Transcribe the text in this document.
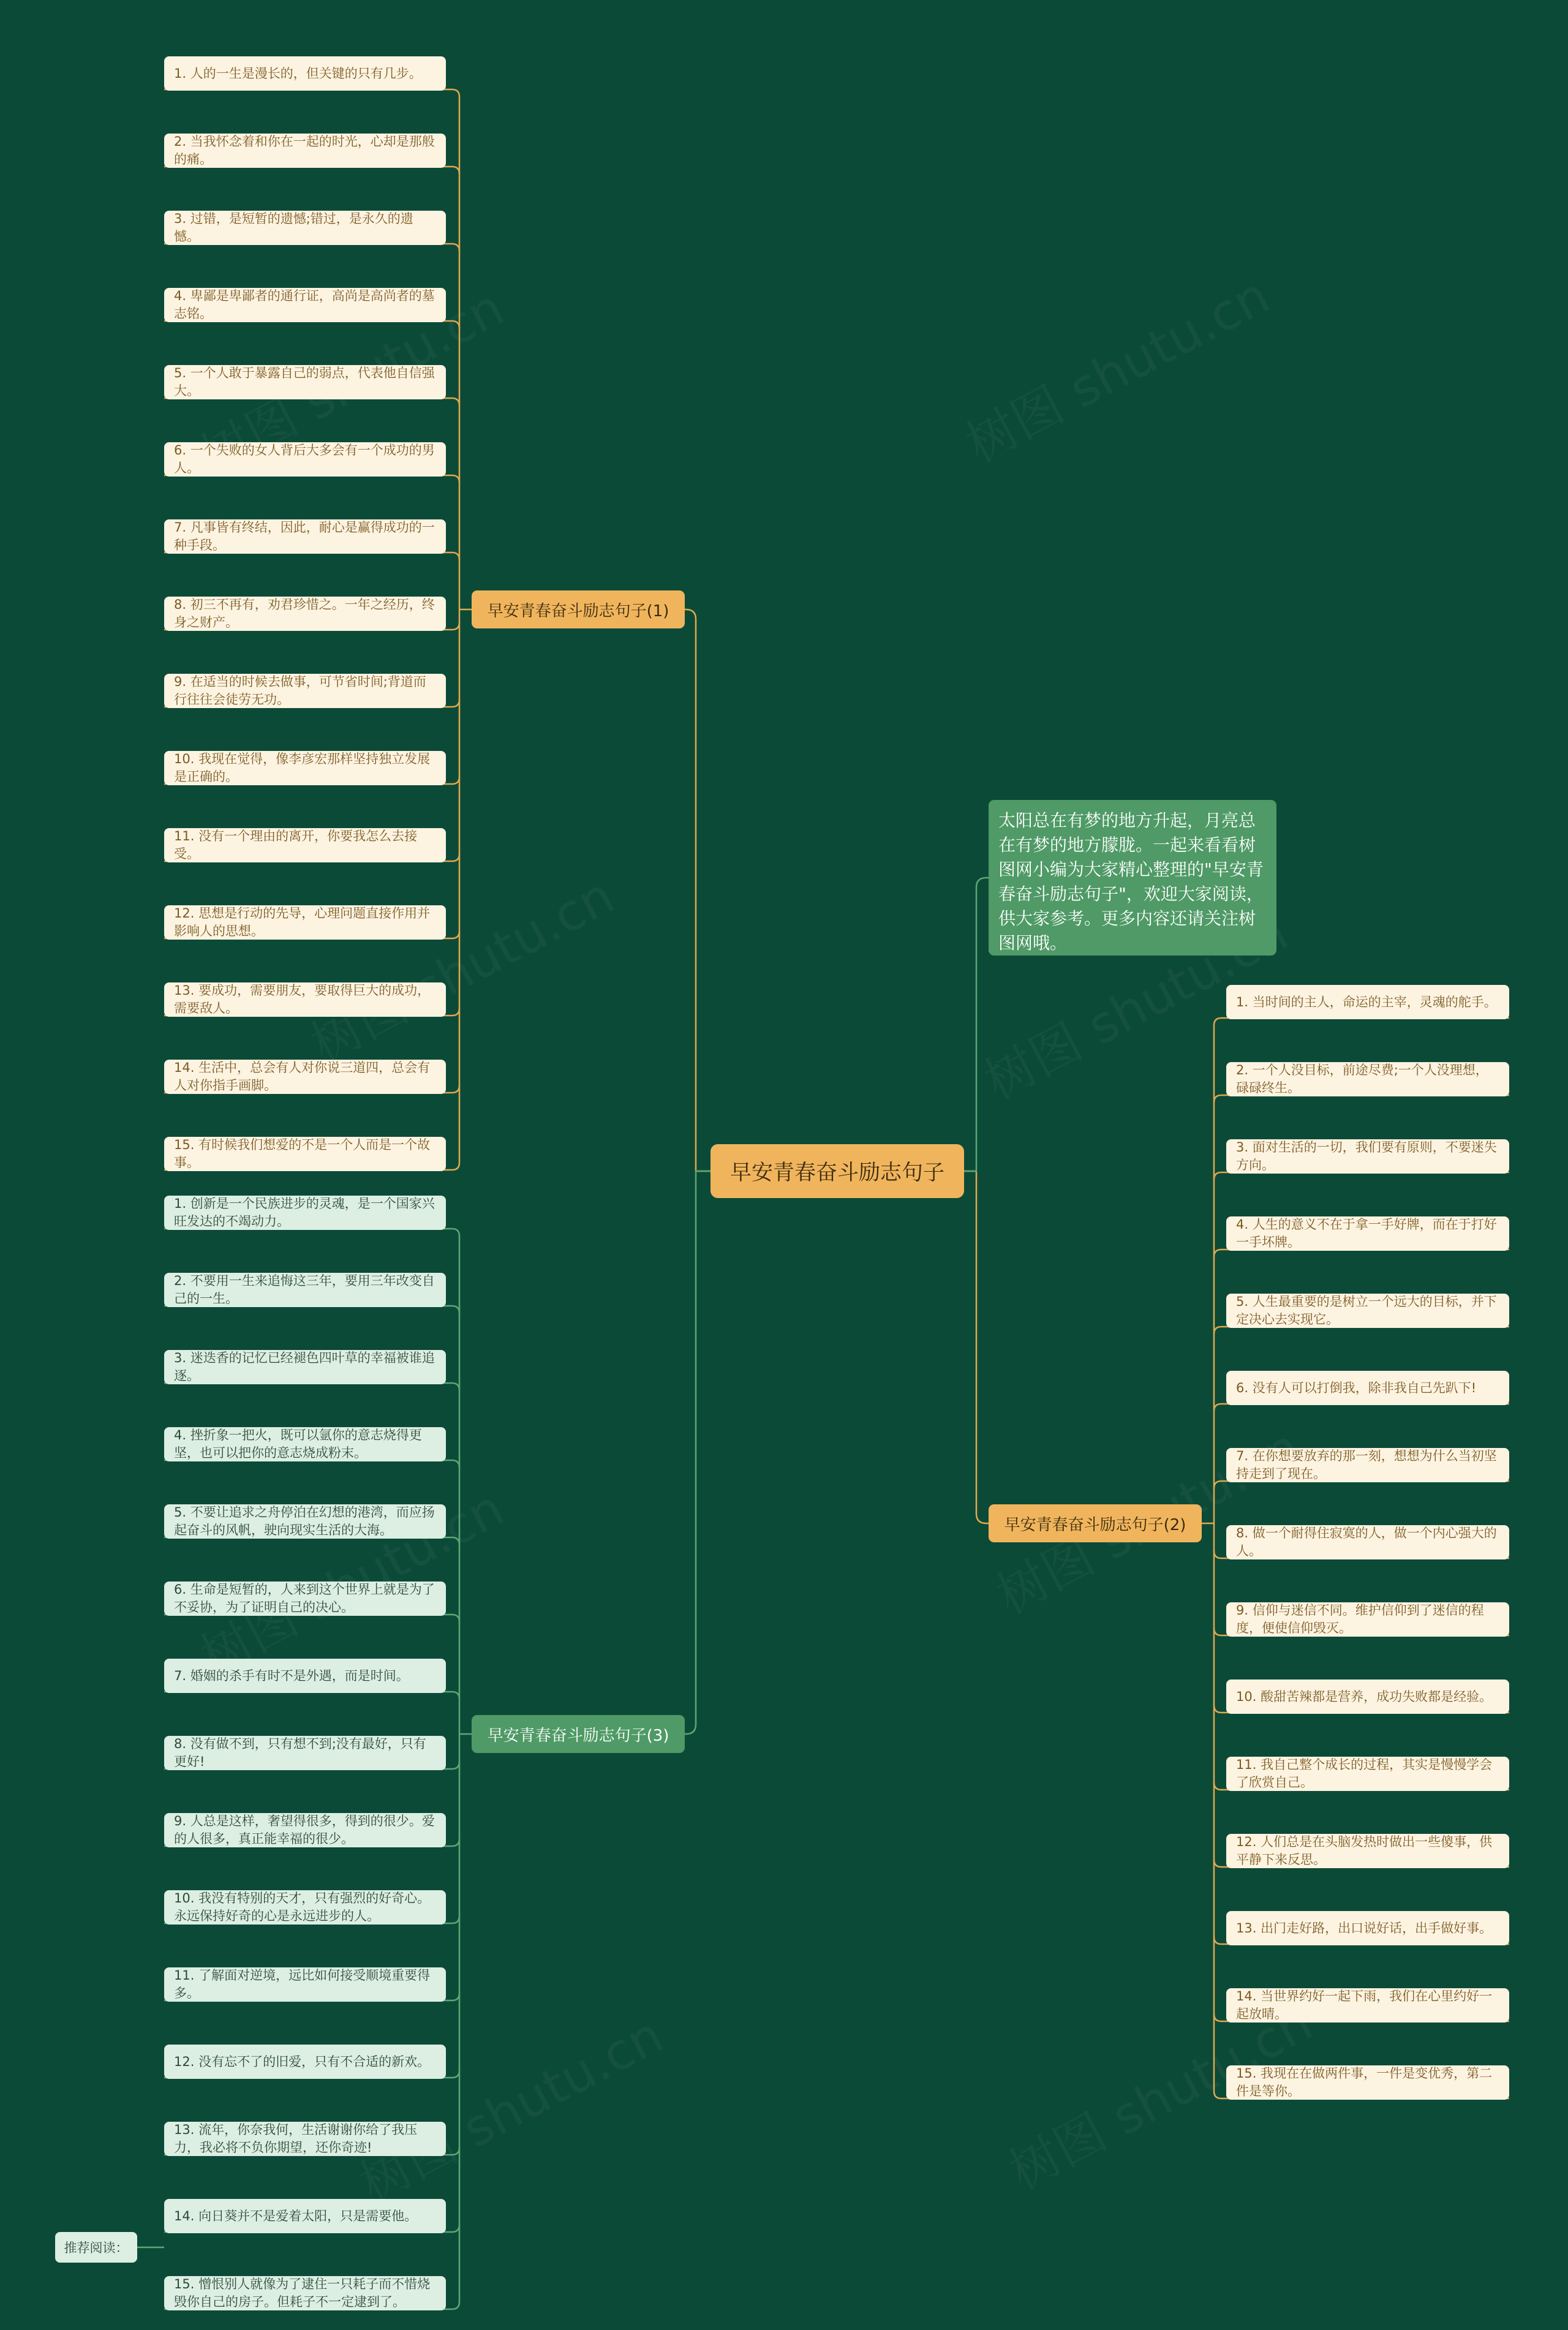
早安青春奋斗励志句子
太阳总在有梦的地方升起，月亮总在有梦的地方朦胧。一起来看看树图网小编为大家精心整理的"早安青春奋斗励志句子"，欢迎大家阅读，供大家参考。更多内容还请关注树图网哦。
早安青春奋斗励志句子(1)
早安青春奋斗励志句子(2)
早安青春奋斗励志句子(3)
推荐阅读：
1. 人的一生是漫长的，但关键的只有几步。
2. 当我怀念着和你在一起的时光，心却是那般的痛。
3. 过错，是短暂的遗憾;错过，是永久的遗憾。
4. 卑鄙是卑鄙者的通行证，高尚是高尚者的墓志铭。
5. 一个人敢于暴露自己的弱点，代表他自信强大。
6. 一个失败的女人背后大多会有一个成功的男人。
7. 凡事皆有终结，因此，耐心是赢得成功的一种手段。
8. 初三不再有，劝君珍惜之。一年之经历，终身之财产。
9. 在适当的时候去做事，可节省时间;背道而行往往会徒劳无功。
10. 我现在觉得，像李彦宏那样坚持独立发展是正确的。
11. 没有一个理由的离开，你要我怎么去接受。
12. 思想是行动的先导，心理问题直接作用并影响人的思想。
13. 要成功，需要朋友，要取得巨大的成功，需要敌人。
14. 生活中，总会有人对你说三道四，总会有人对你指手画脚。
15. 有时候我们想爱的不是一个人而是一个故事。
1. 当时间的主人，命运的主宰，灵魂的舵手。
2. 一个人没目标，前途尽费;一个人没理想，碌碌终生。
3. 面对生活的一切，我们要有原则，不要迷失方向。
4. 人生的意义不在于拿一手好牌，而在于打好一手坏牌。
5. 人生最重要的是树立一个远大的目标，并下定决心去实现它。
6. 没有人可以打倒我，除非我自己先趴下!
7. 在你想要放弃的那一刻，想想为什么当初坚持走到了现在。
8. 做一个耐得住寂寞的人，做一个内心强大的人。
9. 信仰与迷信不同。维护信仰到了迷信的程度，便使信仰毁灭。
10. 酸甜苦辣都是营养，成功失败都是经验。
11. 我自己整个成长的过程，其实是慢慢学会了欣赏自己。
12. 人们总是在头脑发热时做出一些傻事，供平静下来反思。
13. 出门走好路，出口说好话，出手做好事。
14. 当世界约好一起下雨，我们在心里约好一起放晴。
15. 我现在在做两件事，一件是变优秀，第二件是等你。
1. 创新是一个民族进步的灵魂，是一个国家兴旺发达的不竭动力。
2. 不要用一生来追悔这三年，要用三年改变自己的一生。
3. 迷迭香的记忆已经褪色四叶草的幸福被谁追逐。
4. 挫折象一把火，既可以氩你的意志烧得更坚，也可以把你的意志烧成粉末。
5. 不要让追求之舟停泊在幻想的港湾，而应扬起奋斗的风帆，驶向现实生活的大海。
6. 生命是短暂的，人来到这个世界上就是为了不妥协，为了证明自己的决心。
7. 婚姻的杀手有时不是外遇，而是时间。
8. 没有做不到，只有想不到;没有最好，只有更好!
9. 人总是这样，奢望得很多，得到的很少。爱的人很多，真正能幸福的很少。
10. 我没有特别的天才，只有强烈的好奇心。永远保持好奇的心是永远进步的人。
11. 了解面对逆境，远比如何接受顺境重要得多。
12. 没有忘不了的旧爱，只有不合适的新欢。
13. 流年，你奈我何，生活谢谢你给了我压力，我必将不负你期望，还你奇迹!
14. 向日葵并不是爱着太阳，只是需要他。
15. 憎恨别人就像为了逮住一只耗子而不惜烧毁你自己的房子。但耗子不一定逮到了。
